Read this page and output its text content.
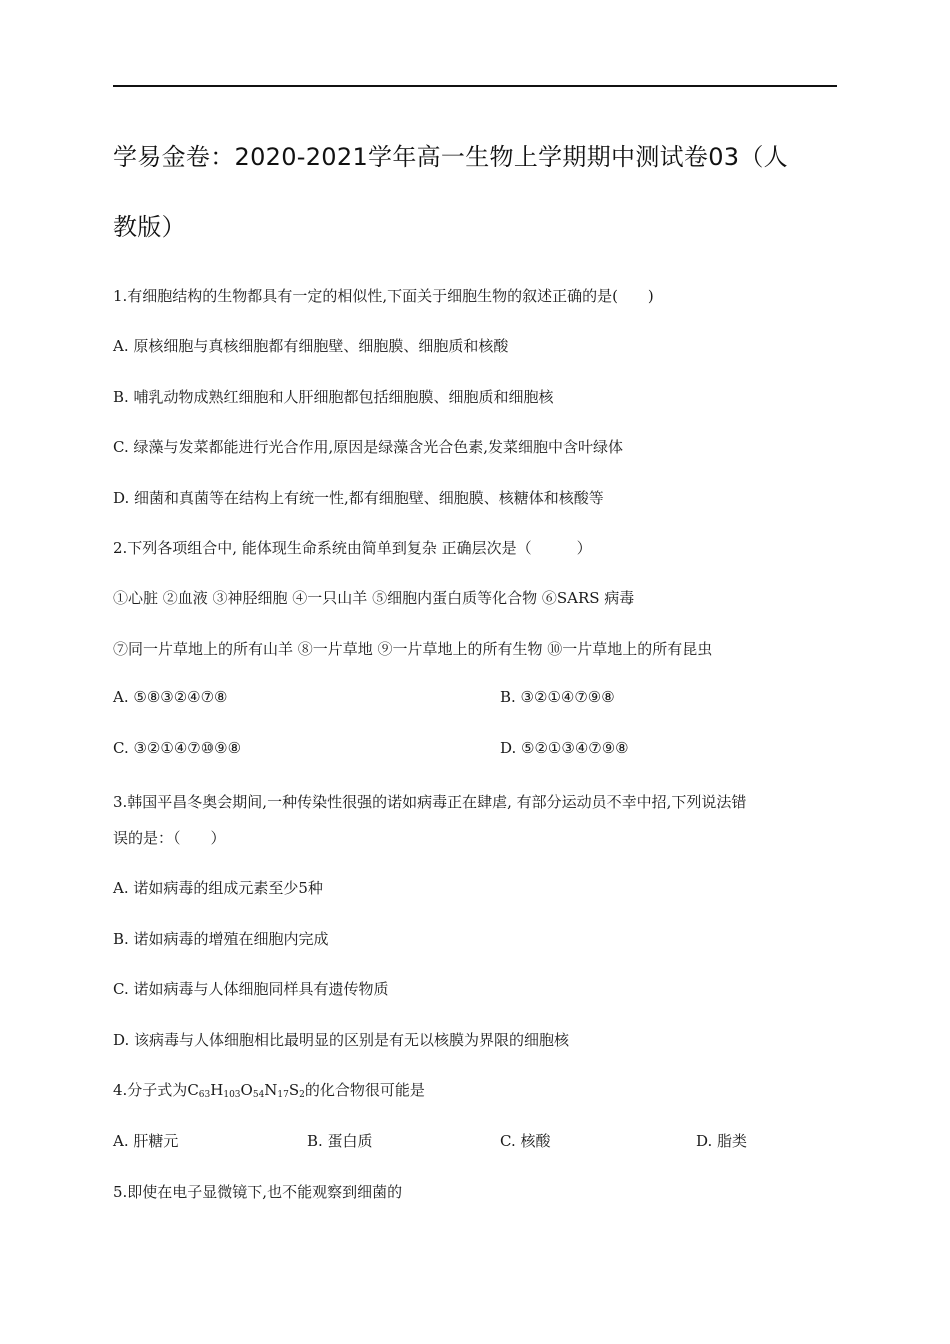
学易金卷：2020-2021学年高一生物上学期期中测试卷03（人
教版）
1.有细胞结构的生物都具有一定的相似性,下面关于细胞生物的叙述正确的是(　　)
A. 原核细胞与真核细胞都有细胞壁、细胞膜、细胞质和核酸
B. 哺乳动物成熟红细胞和人肝细胞都包括细胞膜、细胞质和细胞核
C. 绿藻与发菜都能进行光合作用,原因是绿藻含光合色素,发菜细胞中含叶绿体
D. 细菌和真菌等在结构上有统一性,都有细胞壁、细胞膜、核糖体和核酸等
2.下列各项组合中, 能体现生命系统由简单到复杂 正确层次是（　　　）
①心脏 ②血液 ③神胫细胞 ④一只山羊 ⑤细胞内蛋白质等化合物 ⑥SARS 病毒
⑦同一片草地上的所有山羊 ⑧一片草地 ⑨一片草地上的所有生物 ⑩一片草地上的所有昆虫
A. ⑤⑧③②④⑦⑧	B. ③②①④⑦⑨⑧
C. ③②①④⑦⑩⑨⑧	D. ⑤②①③④⑦⑨⑧
3.韩国平昌冬奥会期间,一种传染性很强的诺如病毒正在肆虐, 有部分运动员不幸中招,下列说法错
误的是：（　　）
A. 诺如病毒的组成元素至少5种
B. 诺如病毒的增殖在细胞内完成
C. 诺如病毒与人体细胞同样具有遗传物质
D. 该病毒与人体细胞相比最明显的区别是有无以核膜为界限的细胞核
4.分子式为$C_{63}H_{103}O_{54}N_{17}S_2$的化合物很可能是
A. 肝糖元	B. 蛋白质	C. 核酸	D. 脂类
5.即使在电子显微镜下,也不能观察到细菌的
